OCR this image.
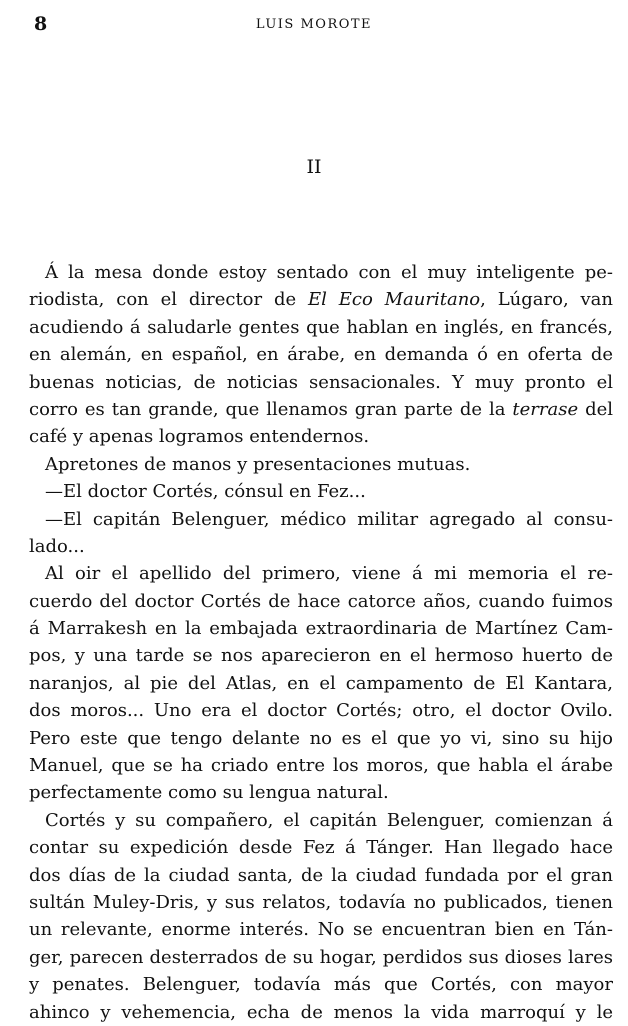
8	LUIS MOROTE
II
Á la mesa donde estoy sentado con el muy inteligente pe-
riodista, con el director de El Eco Mauritano, Lúgaro, van
acudiendo á saludarle gentes que hablan en inglés, en francés,
en alemán, en español, en árabe, en demanda ó en oferta de
buenas noticias, de noticias sensacionales. Y muy pronto el
corro es tan grande, que llenamos gran parte de la terrase del
café y apenas logramos entendernos.
Apretones de manos y presentaciones mutuas.
—El doctor Cortés, cónsul en Fez...
—El capitán Belenguer, médico militar agregado al consu-
lado...
Al oir el apellido del primero, viene á mi memoria el re-
cuerdo del doctor Cortés de hace catorce años, cuando fuimos
á Marrakesh en la embajada extraordinaria de Martínez Cam-
pos, y una tarde se nos aparecieron en el hermoso huerto de
naranjos, al pie del Atlas, en el campamento de El Kantara,
dos moros... Uno era el doctor Cortés; otro, el doctor Ovilo.
Pero este que tengo delante no es el que yo vi, sino su hijo
Manuel, que se ha criado entre los moros, que habla el árabe
perfectamente como su lengua natural.
Cortés y su compañero, el capitán Belenguer, comienzan á
contar su expedición desde Fez á Tánger. Han llegado hace
dos días de la ciudad santa, de la ciudad fundada por el gran
sultán Muley-Dris, y sus relatos, todavía no publicados, tienen
un relevante, enorme interés. No se encuentran bien en Tán-
ger, parecen desterrados de su hogar, perdidos sus dioses lares
y penates. Belenguer, todavía más que Cortés, con mayor
ahinco y vehemencia, echa de menos la vida marroquí y le
